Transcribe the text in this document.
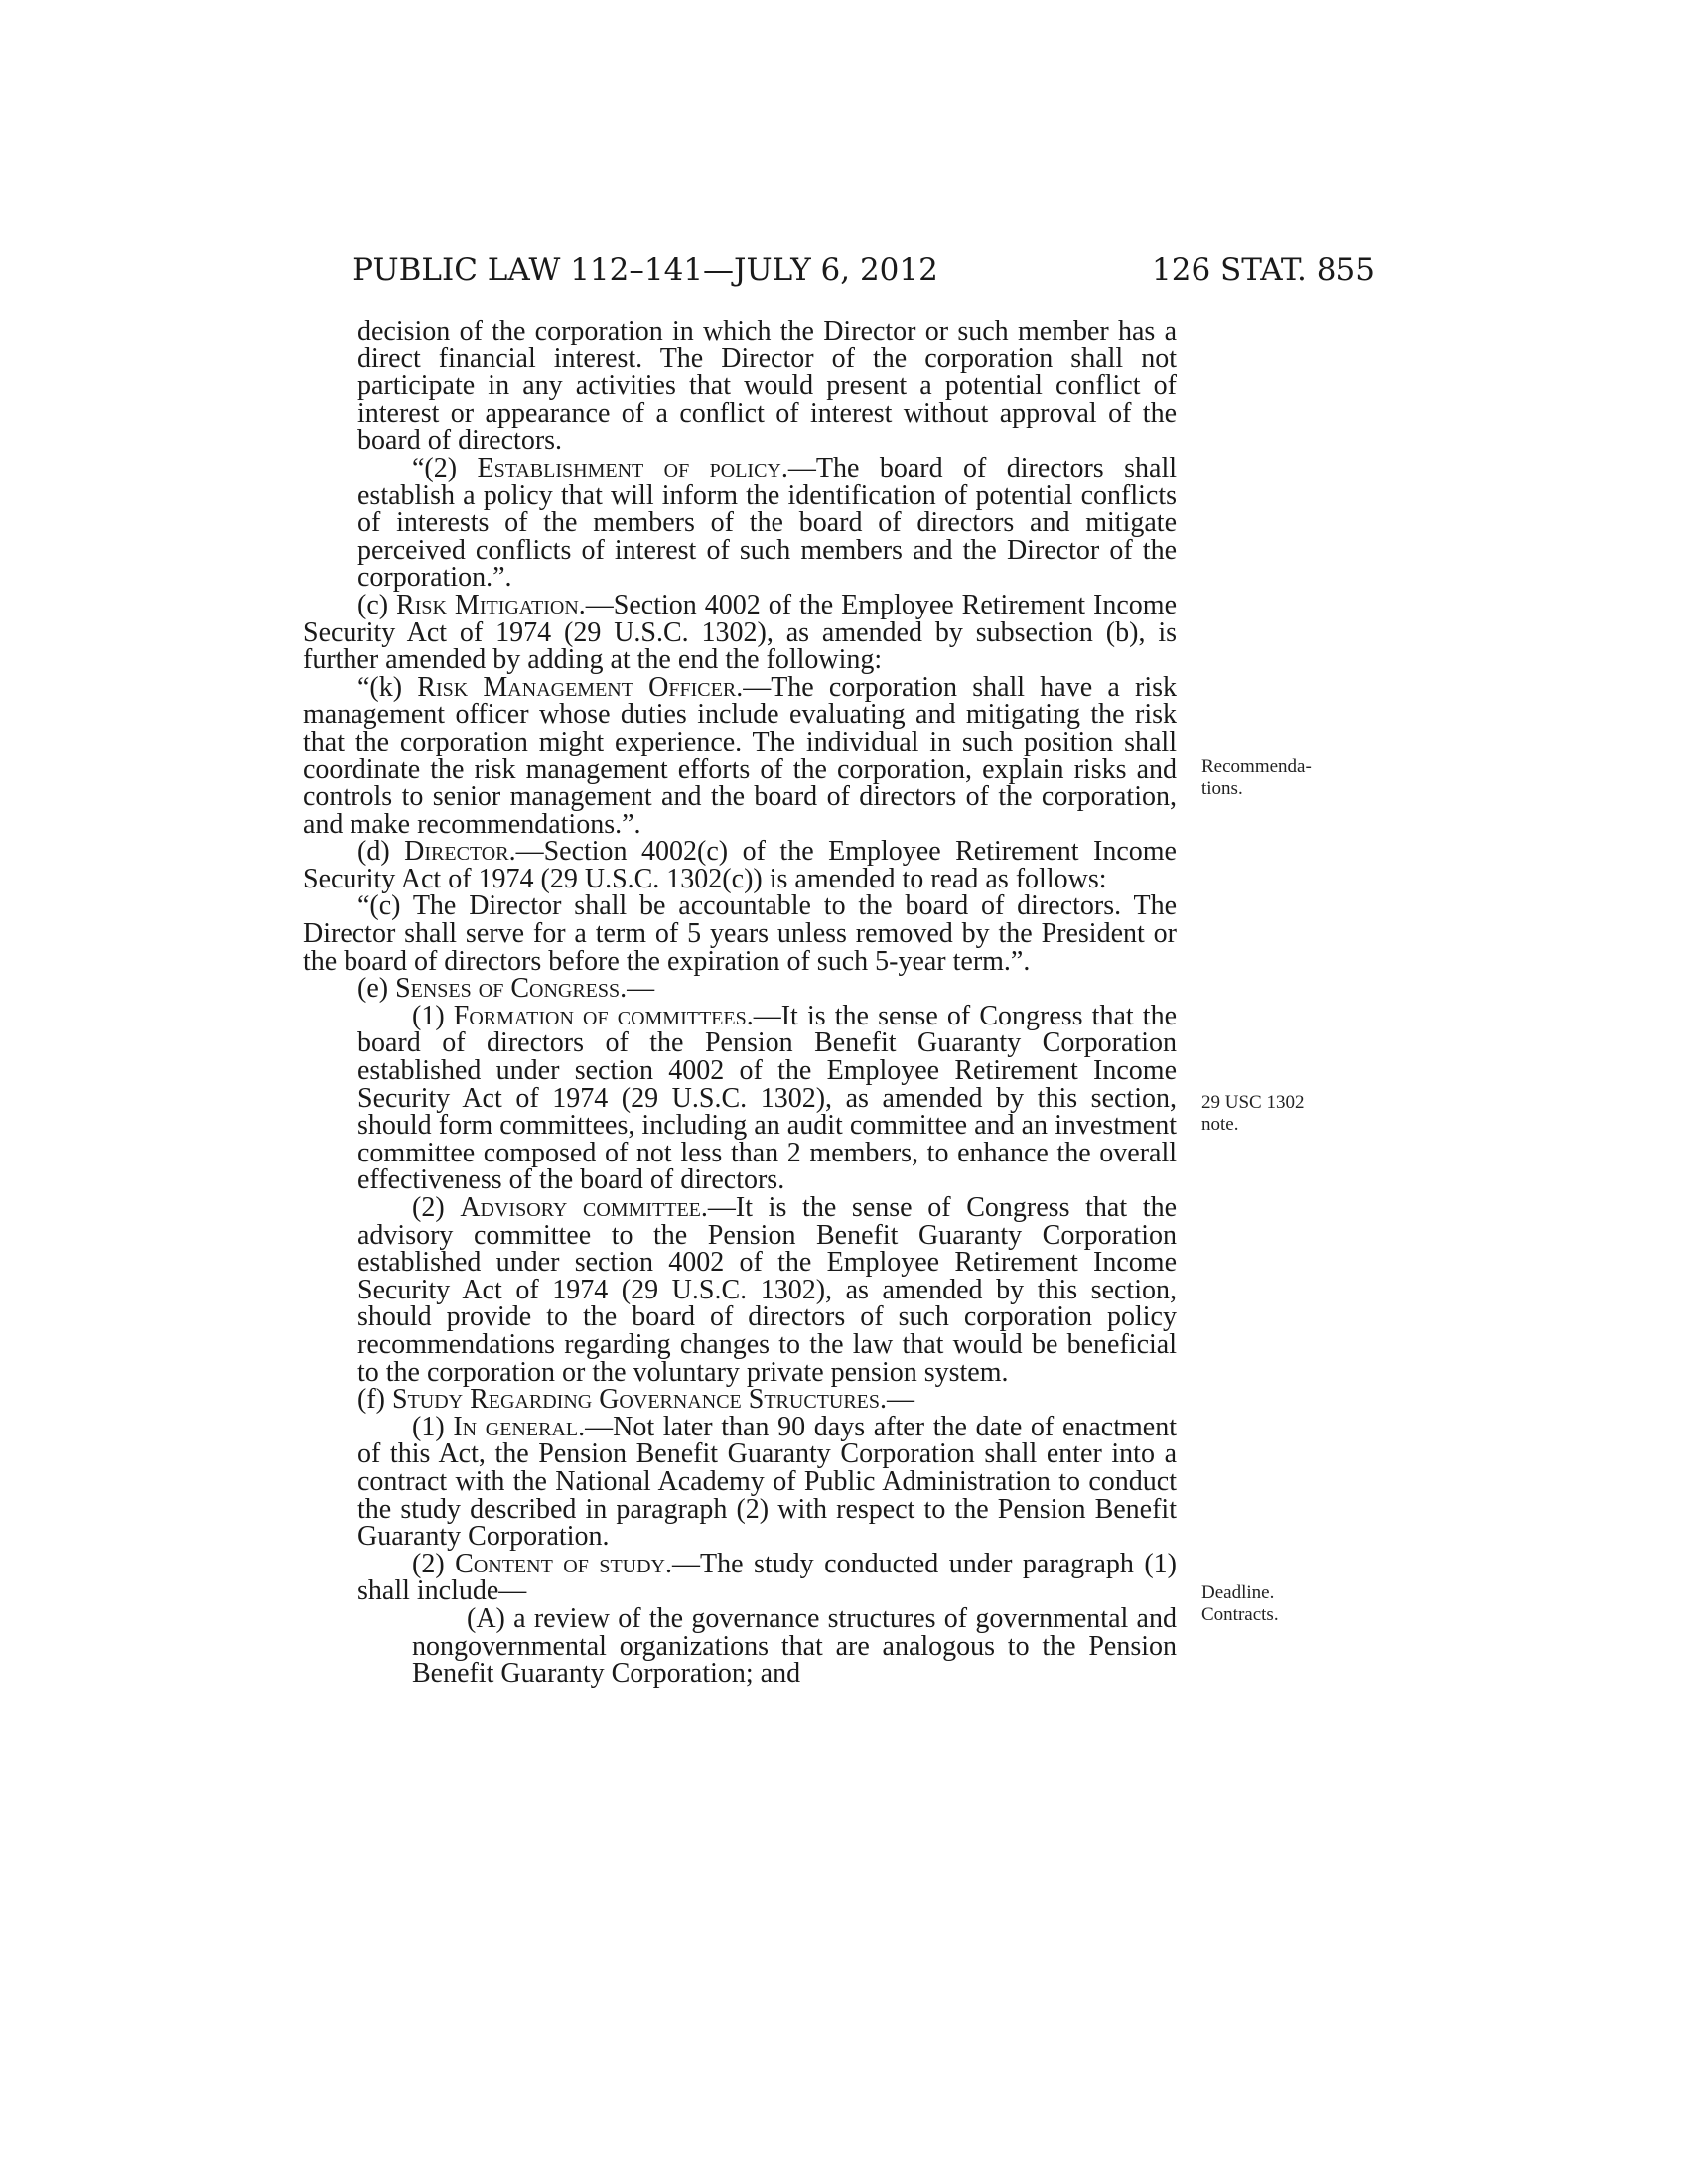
PUBLIC LAW 112–141—JULY 6, 2012	126 STAT. 855

decision of the corporation in which the Director or such member has a direct financial interest. The Director of the corporation shall not participate in any activities that would present a potential conflict of interest or appearance of a conflict of interest without approval of the board of directors.

“(2) Establishment of policy.—The board of directors shall establish a policy that will inform the identification of potential conflicts of interests of the members of the board of directors and mitigate perceived conflicts of interest of such members and the Director of the corporation.”.

(c) Risk Mitigation.—Section 4002 of the Employee Retirement Income Security Act of 1974 (29 U.S.C. 1302), as amended by subsection (b), is further amended by adding at the end the following:

“(k) Risk Management Officer.—The corporation shall have a risk management officer whose duties include evaluating and mitigating the risk that the corporation might experience. The individual in such position shall coordinate the risk management efforts of the corporation, explain risks and controls to senior management and the board of directors of the corporation, and make recommendations.”.

(d) Director.—Section 4002(c) of the Employee Retirement Income Security Act of 1974 (29 U.S.C. 1302(c)) is amended to read as follows:

“(c) The Director shall be accountable to the board of directors. The Director shall serve for a term of 5 years unless removed by the President or the board of directors before the expiration of such 5-year term.”.

(e) Senses of Congress.—

(1) Formation of committees.—It is the sense of Congress that the board of directors of the Pension Benefit Guaranty Corporation established under section 4002 of the Employee Retirement Income Security Act of 1974 (29 U.S.C. 1302), as amended by this section, should form committees, including an audit committee and an investment committee composed of not less than 2 members, to enhance the overall effectiveness of the board of directors.

(2) Advisory committee.—It is the sense of Congress that the advisory committee to the Pension Benefit Guaranty Corporation established under section 4002 of the Employee Retirement Income Security Act of 1974 (29 U.S.C. 1302), as amended by this section, should provide to the board of directors of such corporation policy recommendations regarding changes to the law that would be beneficial to the corporation or the voluntary private pension system.

(f) Study Regarding Governance Structures.—

(1) In general.—Not later than 90 days after the date of enactment of this Act, the Pension Benefit Guaranty Corporation shall enter into a contract with the National Academy of Public Administration to conduct the study described in paragraph (2) with respect to the Pension Benefit Guaranty Corporation.

(2) Content of study.—The study conducted under paragraph (1) shall include—

(A) a review of the governance structures of governmental and nongovernmental organizations that are analogous to the Pension Benefit Guaranty Corporation; and

Recommenda-
tions.
29 USC 1302
note.
Deadline.
Contracts.
